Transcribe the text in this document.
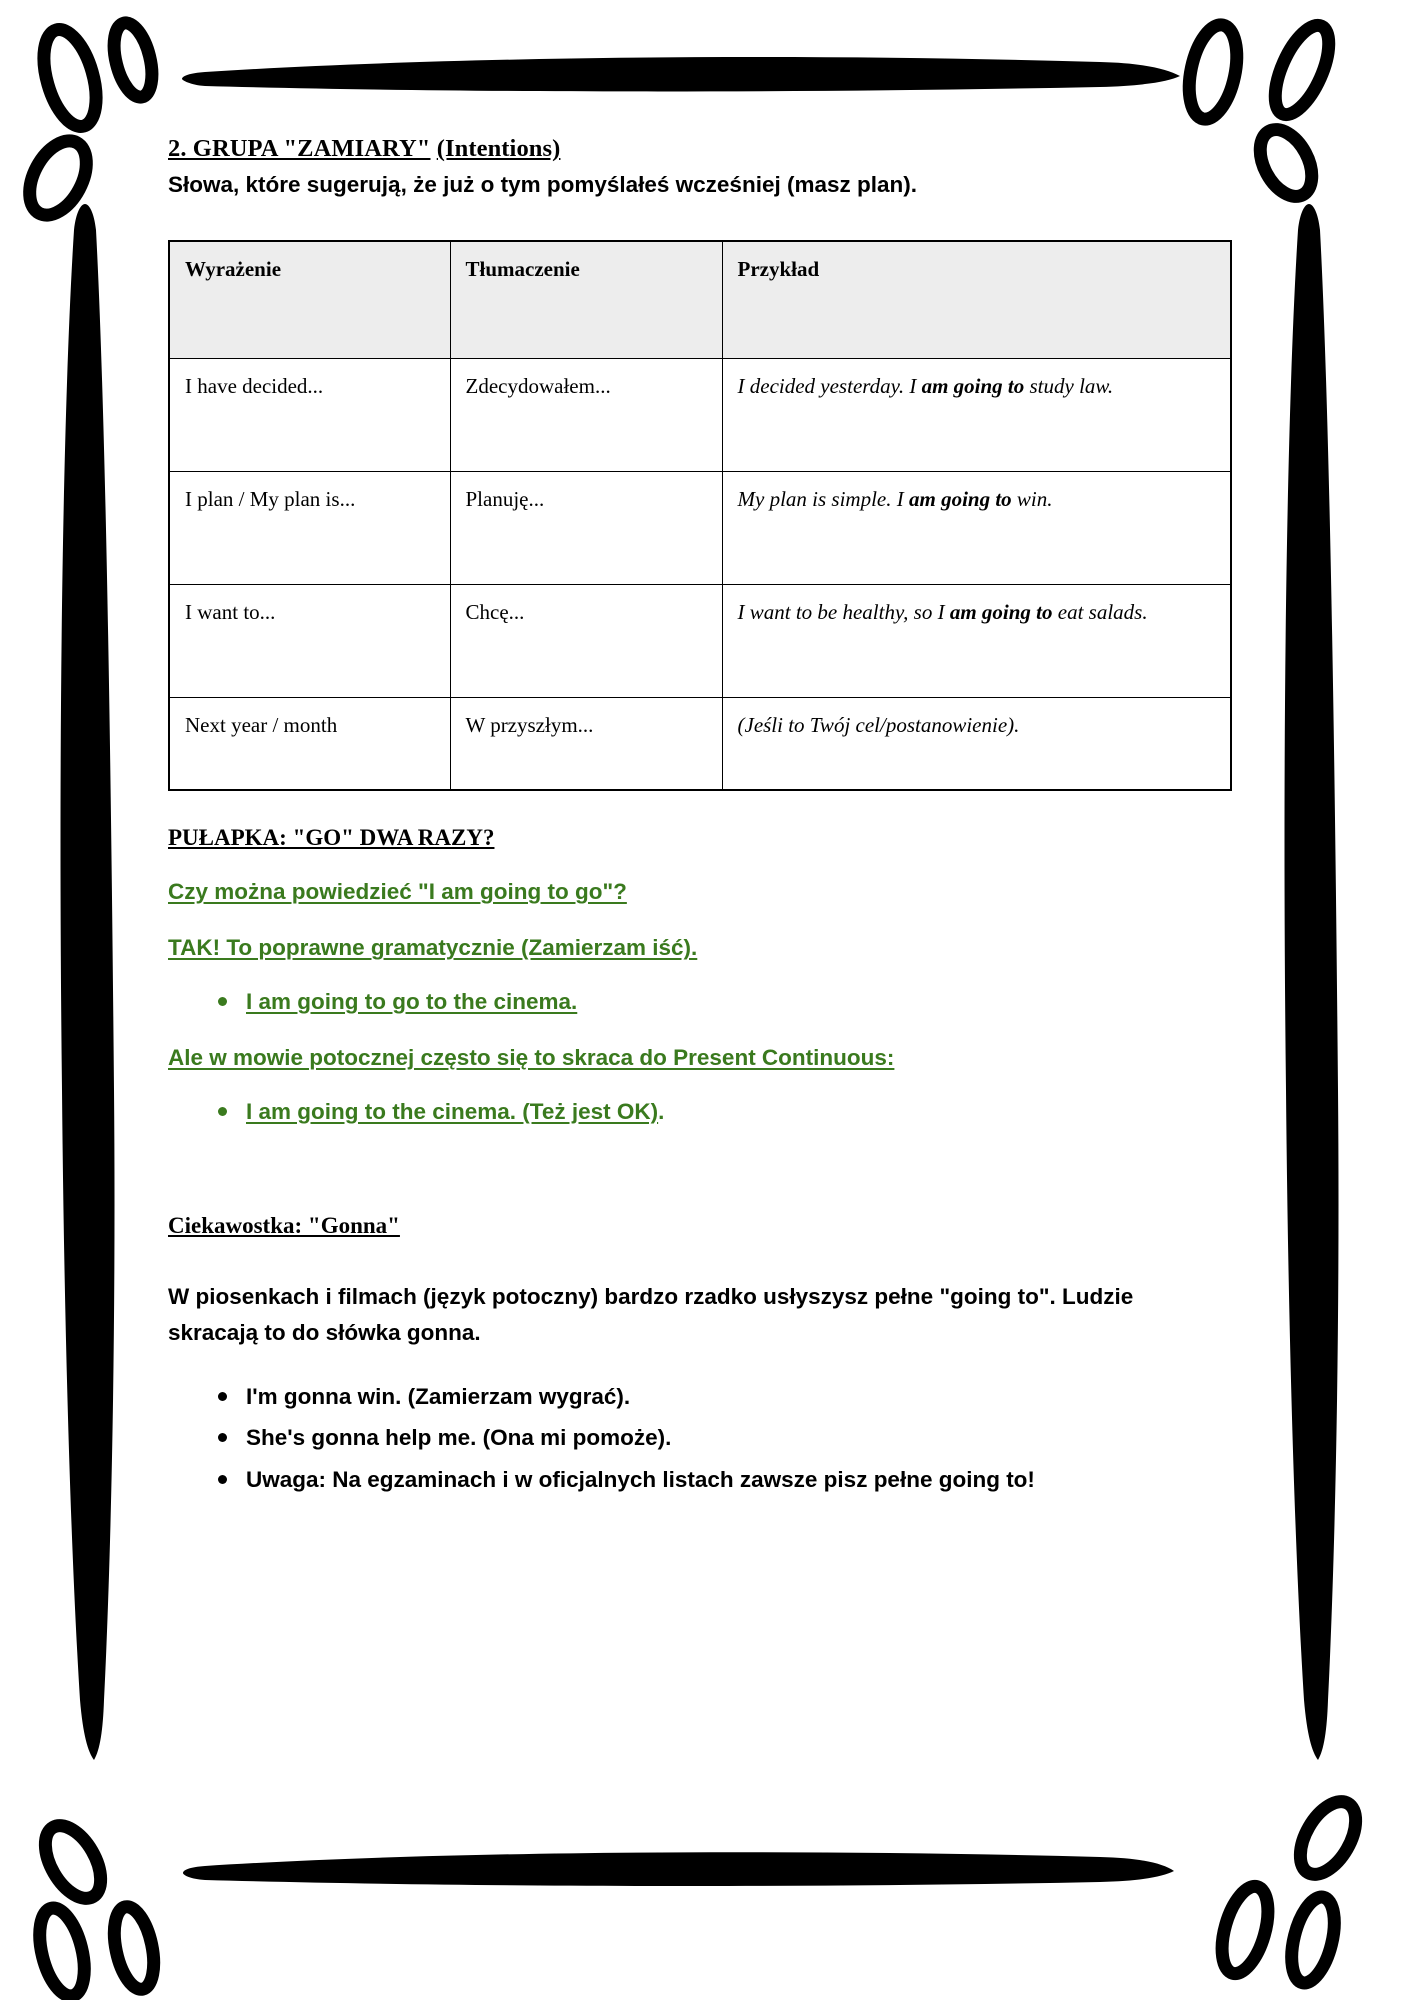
2. GRUPA "ZAMIARY" (Intentions)

Słowa, które sugerują, że już o tym pomyślałeś wcześniej (masz plan).

Wyrażenie	Tłumaczenie	Przykład
I have decided...	Zdecydowałem...	I decided yesterday. I am going to study law.
I plan / My plan is...	Planuję...	My plan is simple. I am going to win.
I want to...	Chcę...	I want to be healthy, so I am going to eat salads.
Next year / month	W przyszłym...	(Jeśli to Twój cel/postanowienie).

PUŁAPKA: "GO" DWA RAZY?

Czy można powiedzieć "I am going to go"?

TAK! To poprawne gramatycznie (Zamierzam iść).

I am going to go to the cinema.

Ale w mowie potocznej często się to skraca do Present Continuous:

I am going to the cinema. (Też jest OK).

Ciekawostka: "Gonna"

W piosenkach i filmach (język potoczny) bardzo rzadko usłyszysz pełne "going to". Ludzie skracają to do słówka gonna.

I'm gonna win. (Zamierzam wygrać).
She's gonna help me. (Ona mi pomoże).
Uwaga: Na egzaminach i w oficjalnych listach zawsze pisz pełne going to!
